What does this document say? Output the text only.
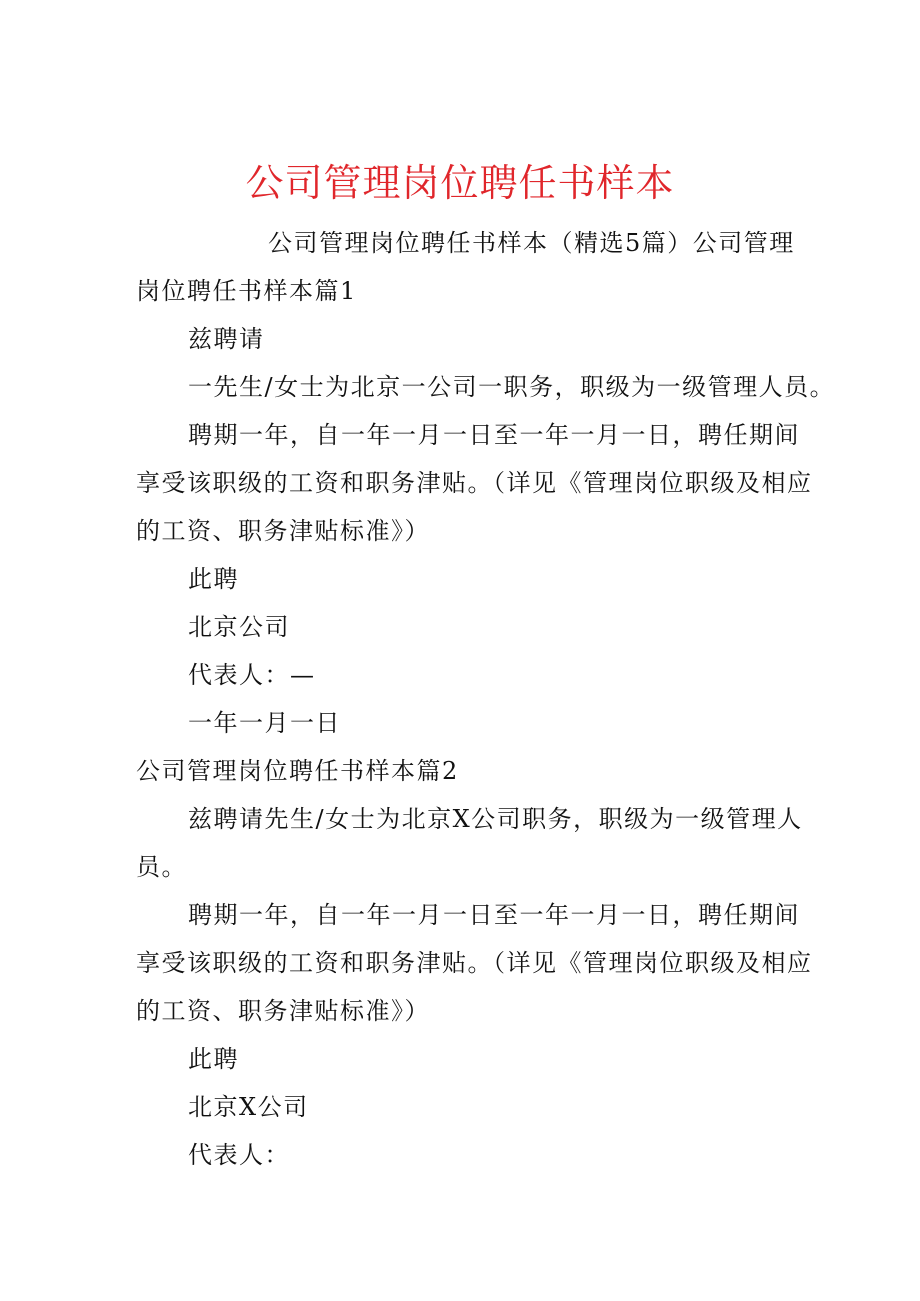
公司管理岗位聘任书样本
公司管理岗位聘任书样本（精选5篇）公司管理
岗位聘任书样本篇1
兹聘请
一先生/女士为北京一公司一职务，职级为一级管理人员。
聘期一年，自一年一月一日至一年一月一日，聘任期间
享受该职级的工资和职务津贴。（详见《管理岗位职级及相应
的工资、职务津贴标准》）
此聘
北京公司
代表人：—
一年一月一日
公司管理岗位聘任书样本篇2
兹聘请先生/女士为北京X公司职务，职级为一级管理人
员。
聘期一年，自一年一月一日至一年一月一日，聘任期间
享受该职级的工资和职务津贴。（详见《管理岗位职级及相应
的工资、职务津贴标准》）
此聘
北京X公司
代表人：
